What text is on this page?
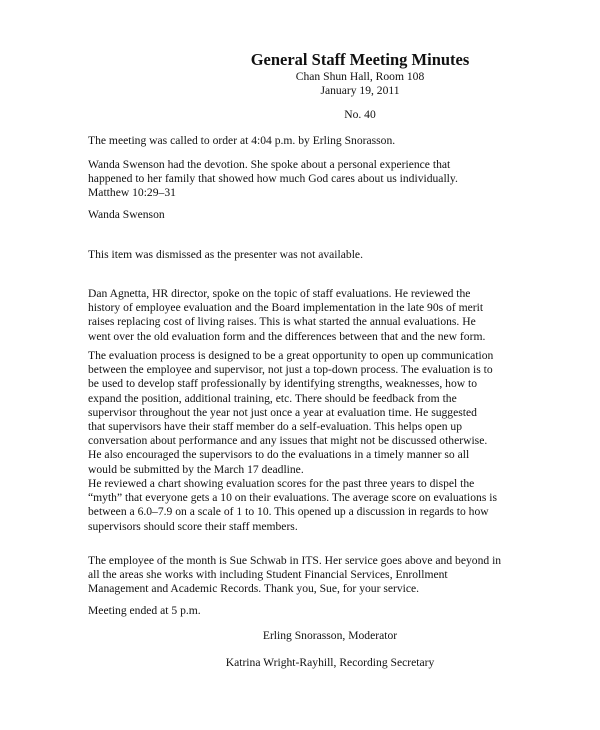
General Staff Meeting Minutes

Chan Shun Hall, Room 108

January 19, 2011

No. 40

The meeting was called to order at 4:04 p.m. by Erling Snorasson.

Wanda Swenson had the devotion. She spoke about a personal experience that
happened to her family that showed how much God cares about us individually.
Matthew 10:29–31

Wanda Swenson

This item was dismissed as the presenter was not available.

Dan Agnetta, HR director, spoke on the topic of staff evaluations. He reviewed the
history of employee evaluation and the Board implementation in the late 90s of merit
raises replacing cost of living raises. This is what started the annual evaluations. He
went over the old evaluation form and the differences between that and the new form.

The evaluation process is designed to be a great opportunity to open up communication
between the employee and supervisor, not just a top-down process. The evaluation is to
be used to develop staff professionally by identifying strengths, weaknesses, how to
expand the position, additional training, etc. There should be feedback from the
supervisor throughout the year not just once a year at evaluation time. He suggested
that supervisors have their staff member do a self-evaluation. This helps open up
conversation about performance and any issues that might not be discussed otherwise.
He also encouraged the supervisors to do the evaluations in a timely manner so all
would be submitted by the March 17 deadline.

He reviewed a chart showing evaluation scores for the past three years to dispel the
“myth” that everyone gets a 10 on their evaluations. The average score on evaluations is
between a 6.0–7.9 on a scale of 1 to 10. This opened up a discussion in regards to how
supervisors should score their staff members.

The employee of the month is Sue Schwab in ITS. Her service goes above and beyond in
all the areas she works with including Student Financial Services, Enrollment
Management and Academic Records. Thank you, Sue, for your service.

Meeting ended at 5 p.m.

Erling Snorasson, Moderator

Katrina Wright-Rayhill, Recording Secretary
